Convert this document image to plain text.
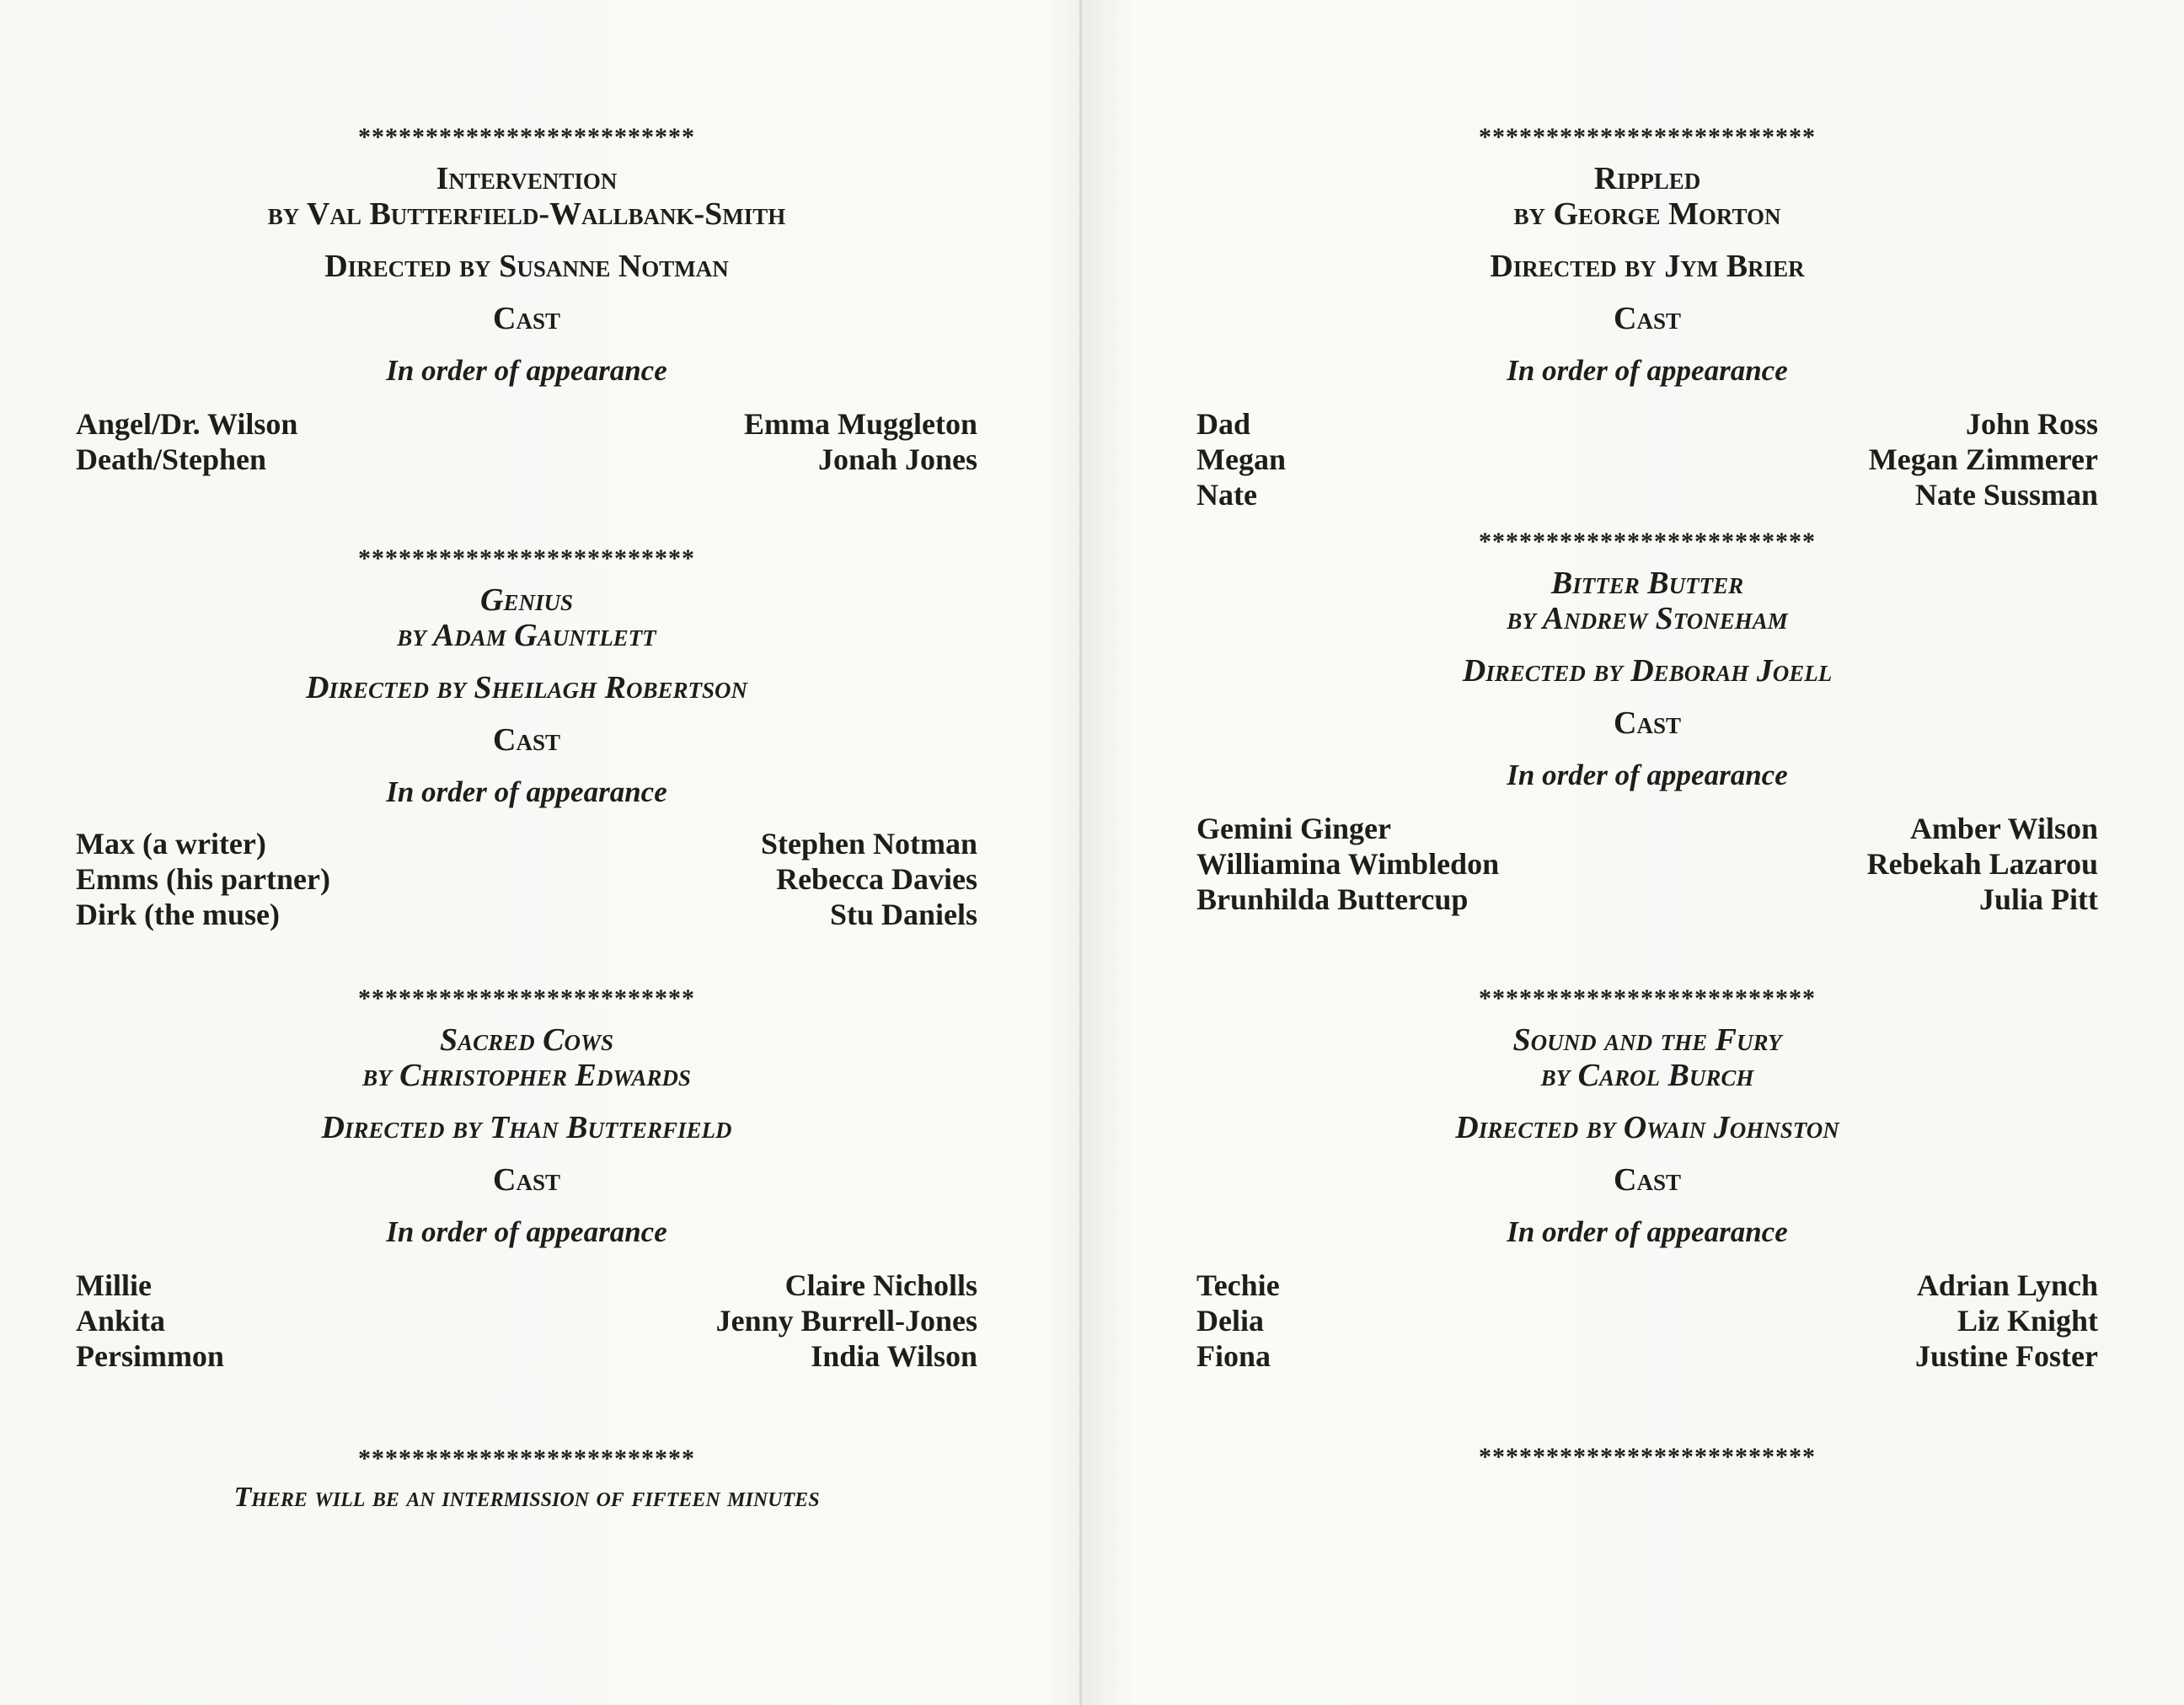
*************************
Intervention
by Val Butterfield-Wallbank-Smith
Directed by Susanne Notman
Cast
In order of appearance
Angel/Dr. Wilson	Emma Muggleton
Death/Stephen	Jonah Jones
*************************
Genius
by Adam Gauntlett
Directed by Sheilagh Robertson
Cast
In order of appearance
Max (a writer)	Stephen Notman
Emms (his partner)	Rebecca Davies
Dirk (the muse)	Stu Daniels
*************************
Sacred Cows
by Christopher Edwards
Directed by Than Butterfield
Cast
In order of appearance
Millie	Claire Nicholls
Ankita	Jenny Burrell-Jones
Persimmon	India Wilson
*************************
There will be an intermission of fifteen minutes
*************************
Rippled
by George Morton
Directed by Jym Brier
Cast
In order of appearance
Dad	John Ross
Megan	Megan Zimmerer
Nate	Nate Sussman
*************************
Bitter Butter
by Andrew Stoneham
Directed by Deborah Joell
Cast
In order of appearance
Gemini Ginger	Amber Wilson
Williamina Wimbledon	Rebekah Lazarou
Brunhilda Buttercup	Julia Pitt
*************************
Sound and the Fury
by Carol Burch
Directed by Owain Johnston
Cast
In order of appearance
Techie	Adrian Lynch
Delia	Liz Knight
Fiona	Justine Foster
*************************
